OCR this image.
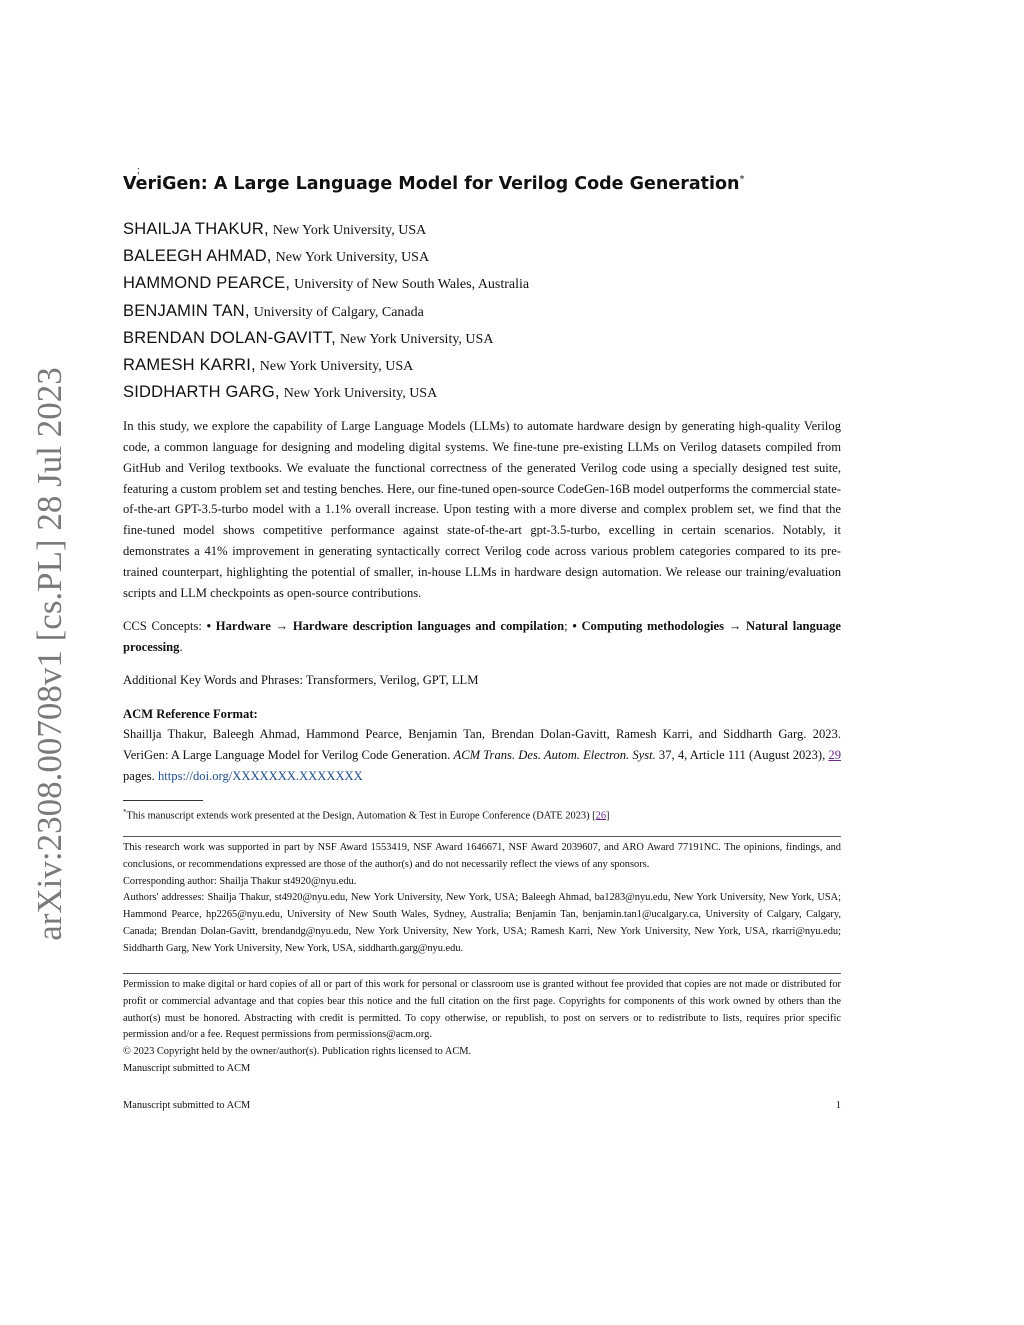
arXiv:2308.00708v1 [cs.PL] 28 Jul 2023
;
VeriGen: A Large Language Model for Verilog Code Generation*
SHAILJA THAKUR, New York University, USA
BALEEGH AHMAD, New York University, USA
HAMMOND PEARCE, University of New South Wales, Australia
BENJAMIN TAN, University of Calgary, Canada
BRENDAN DOLAN-GAVITT, New York University, USA
RAMESH KARRI, New York University, USA
SIDDHARTH GARG, New York University, USA

In this study, we explore the capability of Large Language Models (LLMs) to automate hardware design by generating high-quality Verilog code, a common language for designing and modeling digital systems. We fine-tune pre-existing LLMs on Verilog datasets compiled from GitHub and Verilog textbooks. We evaluate the functional correctness of the generated Verilog code using a specially designed test suite, featuring a custom problem set and testing benches. Here, our fine-tuned open-source CodeGen-16B model outperforms the commercial state-of-the-art GPT-3.5-turbo model with a 1.1% overall increase. Upon testing with a more diverse and complex problem set, we find that the fine-tuned model shows competitive performance against state-of-the-art gpt-3.5-turbo, excelling in certain scenarios. Notably, it demonstrates a 41% improvement in generating syntactically correct Verilog code across various problem categories compared to its pre-trained counterpart, highlighting the potential of smaller, in-house LLMs in hardware design automation. We release our training/evaluation scripts and LLM checkpoints as open-source contributions.

CCS Concepts: • Hardware → Hardware description languages and compilation; • Computing methodologies → Natural language processing.

Additional Key Words and Phrases: Transformers, Verilog, GPT, LLM

ACM Reference Format:

Shaillja Thakur, Baleegh Ahmad, Hammond Pearce, Benjamin Tan, Brendan Dolan-Gavitt, Ramesh Karri, and Siddharth Garg. 2023. VeriGen: A Large Language Model for Verilog Code Generation. ACM Trans. Des. Autom. Electron. Syst. 37, 4, Article 111 (August 2023), 29 pages. https://doi.org/XXXXXXX.XXXXXXX

*This manuscript extends work presented at the Design, Automation & Test in Europe Conference (DATE 2023) [26]

This research work was supported in part by NSF Award 1553419, NSF Award 1646671, NSF Award 2039607, and ARO Award 77191NC. The opinions, findings, and conclusions, or recommendations expressed are those of the author(s) and do not necessarily reflect the views of any sponsors.

Corresponding author: Shailja Thakur st4920@nyu.edu.

Authors' addresses: Shailja Thakur, st4920@nyu.edu, New York University, New York, USA; Baleegh Ahmad, ba1283@nyu.edu, New York University, New York, USA; Hammond Pearce, hp2265@nyu.edu, University of New South Wales, Sydney, Australia; Benjamin Tan, benjamin.tan1@ucalgary.ca, University of Calgary, Calgary, Canada; Brendan Dolan-Gavitt, brendandg@nyu.edu, New York University, New York, USA; Ramesh Karri, New York University, New York, USA, rkarri@nyu.edu; Siddharth Garg, New York University, New York, USA, siddharth.garg@nyu.edu.

Permission to make digital or hard copies of all or part of this work for personal or classroom use is granted without fee provided that copies are not made or distributed for profit or commercial advantage and that copies bear this notice and the full citation on the first page. Copyrights for components of this work owned by others than the author(s) must be honored. Abstracting with credit is permitted. To copy otherwise, or republish, to post on servers or to redistribute to lists, requires prior specific permission and/or a fee. Request permissions from permissions@acm.org.

© 2023 Copyright held by the owner/author(s). Publication rights licensed to ACM.

Manuscript submitted to ACM

Manuscript submitted to ACM	1
